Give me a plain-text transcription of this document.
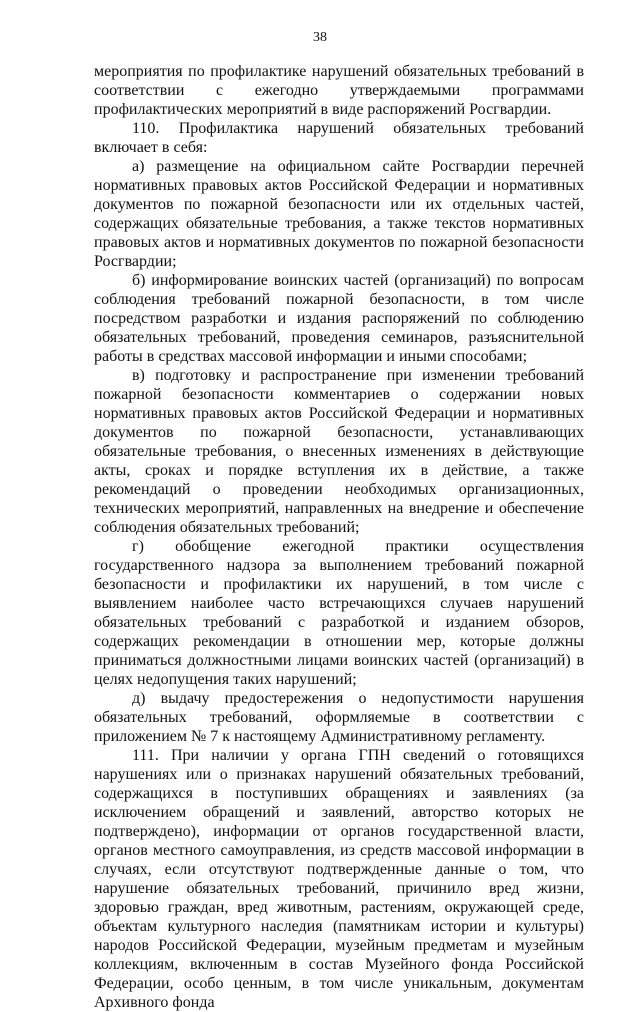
38

мероприятия по профилактике нарушений обязательных требований в соответствии с ежегодно утверждаемыми программами профилактических мероприятий в виде распоряжений Росгвардии.

110. Профилактика нарушений обязательных требований включает в себя:

а) размещение на официальном сайте Росгвардии перечней нормативных правовых актов Российской Федерации и нормативных документов по пожарной безопасности или их отдельных частей, содержащих обязательные требования, а также текстов нормативных правовых актов и нормативных документов по пожарной безопасности Росгвардии;

б) информирование воинских частей (организаций) по вопросам соблюдения требований пожарной безопасности, в том числе посредством разработки и издания распоряжений по соблюдению обязательных требований, проведения семинаров, разъяснительной работы в средствах массовой информации и иными способами;

в) подготовку и распространение при изменении требований пожарной безопасности комментариев о содержании новых нормативных правовых актов Российской Федерации и нормативных документов по пожарной безопасности, устанавливающих обязательные требования, о внесенных изменениях в действующие акты, сроках и порядке вступления их в действие, а также рекомендаций о проведении необходимых организационных, технических мероприятий, направленных на внедрение и обеспечение соблюдения обязательных требований;

г) обобщение ежегодной практики осуществления государственного надзора за выполнением требований пожарной безопасности и профилактики их нарушений, в том числе с выявлением наиболее часто встречающихся случаев нарушений обязательных требований с разработкой и изданием обзоров, содержащих рекомендации в отношении мер, которые должны приниматься должностными лицами воинских частей (организаций) в целях недопущения таких нарушений;

д) выдачу предостережения о недопустимости нарушения обязательных требований, оформляемые в соответствии с приложением № 7 к настоящему Административному регламенту.

111. При наличии у органа ГПН сведений о готовящихся нарушениях или о признаках нарушений обязательных требований, содержащихся в поступивших обращениях и заявлениях (за исключением обращений и заявлений, авторство которых не подтверждено), информации от органов государственной власти, органов местного самоуправления, из средств массовой информации в случаях, если отсутствуют подтвержденные данные о том, что нарушение обязательных требований, причинило вред жизни, здоровью граждан, вред животным, растениям, окружающей среде, объектам культурного наследия (памятникам истории и культуры) народов Российской Федерации, музейным предметам и музейным коллекциям, включенным в состав Музейного фонда Российской Федерации, особо ценным, в том числе уникальным, документам Архивного фонда
